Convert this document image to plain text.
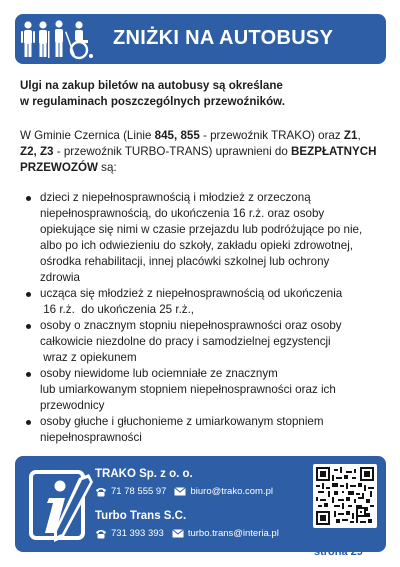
ZNIŻKI NA AUTOBUSY
Ulgi na zakup biletów na autobusy są określane
w regulaminach poszczególnych przewoźników.
W Gminie Czernica (Linie 845, 855 - przewoźnik TRAKO) oraz Z1,
Z2, Z3 - przewoźnik TURBO-TRANS) uprawnieni do BEZPŁATNYCH
PRZEWOZÓW są:
dzieci z niepełnosprawnością i młodzież z orzeczoną
niepełnosprawnością, do ukończenia 16 r.ż. oraz osoby
opiekujące się nimi w czasie przejazdu lub podróżujące po nie,
albo po ich odwiezieniu do szkoły, zakładu opieki zdrowotnej,
ośrodka rehabilitacji, innej placówki szkolnej lub ochrony
zdrowia
ucząca się młodzież z niepełnosprawnością od ukończenia
16 r.ż.  do ukończenia 25 r.ż.,
osoby o znacznym stopniu niepełnosprawności oraz osoby
całkowicie niezdolne do pracy i samodzielnej egzystencji
wraz z opiekunem
osoby niewidome lub ociemniałe ze znacznym
lub umiarkowanym stopniem niepełnosprawności oraz ich
przewodnicy
osoby głuche i głuchonieme z umiarkowanym stopniem
niepełnosprawności
TRAKO Sp. z o. o.
71 78 555 97	biuro@trako.com.pl
Turbo Trans S.C.
731 393 393	turbo.trans@interia.pl
strona 29
